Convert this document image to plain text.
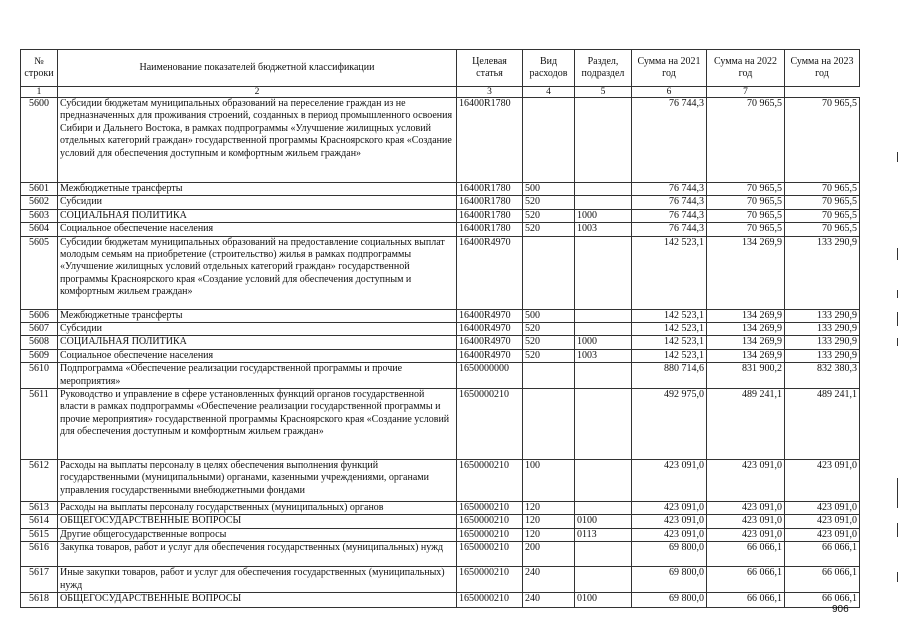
№ строки	Наименование показателей бюджетной классификации	Целевая статья	Вид расходов	Раздел, подраздел	Сумма на 2021 год	Сумма на 2022 год	Сумма на 2023 год
1	2	3	4	5	6	7	
5600	Субсидии бюджетам муниципальных образований на переселение граждан из не предназначенных для проживания строений, созданных в период промышленного освоения Сибири и Дальнего Востока, в рамках подпрограммы «Улучшение жилищных условий отдельных категорий граждан» государственной программы Красноярского края «Создание условий для обеспечения доступным и комфортным жильем граждан»	16400R1780			76 744,3	70 965,5	70 965,5
5601	Межбюджетные трансферты	16400R1780	500		76 744,3	70 965,5	70 965,5
5602	Субсидии	16400R1780	520		76 744,3	70 965,5	70 965,5
5603	СОЦИАЛЬНАЯ ПОЛИТИКА	16400R1780	520	1000	76 744,3	70 965,5	70 965,5
5604	Социальное обеспечение населения	16400R1780	520	1003	76 744,3	70 965,5	70 965,5
5605	Субсидии бюджетам муниципальных образований на предоставление социальных выплат молодым семьям на приобретение (строительство) жилья в рамках подпрограммы «Улучшение жилищных условий отдельных категорий граждан» государственной программы Красноярского края «Создание условий для обеспечения доступным и комфортным жильем граждан»	16400R4970			142 523,1	134 269,9	133 290,9
5606	Межбюджетные трансферты	16400R4970	500		142 523,1	134 269,9	133 290,9
5607	Субсидии	16400R4970	520		142 523,1	134 269,9	133 290,9
5608	СОЦИАЛЬНАЯ ПОЛИТИКА	16400R4970	520	1000	142 523,1	134 269,9	133 290,9
5609	Социальное обеспечение населения	16400R4970	520	1003	142 523,1	134 269,9	133 290,9
5610	Подпрограмма «Обеспечение реализации государственной программы и прочие мероприятия»	1650000000			880 714,6	831 900,2	832 380,3
5611	Руководство и управление в сфере установленных функций органов государственной власти в рамках подпрограммы «Обеспечение реализации государственной программы и прочие мероприятия» государственной программы Красноярского края «Создание условий для обеспечения доступным и комфортным жильем граждан»	1650000210			492 975,0	489 241,1	489 241,1
5612	Расходы на выплаты персоналу в целях обеспечения выполнения функций государственными (муниципальными) органами, казенными учреждениями, органами управления государственными внебюджетными фондами	1650000210	100		423 091,0	423 091,0	423 091,0
5613	Расходы на выплаты персоналу государственных (муниципальных) органов	1650000210	120		423 091,0	423 091,0	423 091,0
5614	ОБЩЕГОСУДАРСТВЕННЫЕ ВОПРОСЫ	1650000210	120	0100	423 091,0	423 091,0	423 091,0
5615	Другие общегосударственные вопросы	1650000210	120	0113	423 091,0	423 091,0	423 091,0
5616	Закупка товаров, работ и услуг для обеспечения государственных (муниципальных) нужд	1650000210	200		69 800,0	66 066,1	66 066,1
5617	Иные закупки товаров, работ и услуг для обеспечения государственных (муниципальных) нужд	1650000210	240		69 800,0	66 066,1	66 066,1
5618	ОБЩЕГОСУДАРСТВЕННЫЕ ВОПРОСЫ	1650000210	240	0100	69 800,0	66 066,1	66 066,1
906
